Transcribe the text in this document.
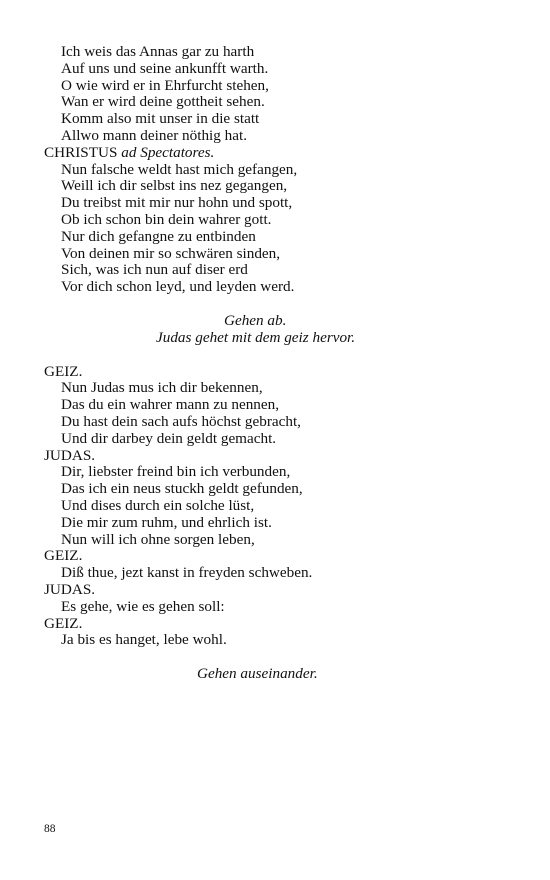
Ich weis das Annas gar zu harth
Auf uns und seine ankunfft warth.
O wie wird er in Ehrfurcht stehen,
Wan er wird deine gottheit sehen.
Komm also mit unser in die statt
Allwo mann deiner nöthig hat.
CHRISTUS ad Spectatores.
Nun falsche weldt hast mich gefangen,
Weill ich dir selbst ins nez gegangen,
Du treibst mit mir nur hohn und spott,
Ob ich schon bin dein wahrer gott.
Nur dich gefangne zu entbinden
Von deinen mir so schwären sinden,
Sich, was ich nun auf diser erd
Vor dich schon leyd, und leyden werd.
Gehen ab.
Judas gehet mit dem geiz hervor.
GEIZ.
Nun Judas mus ich dir bekennen,
Das du ein wahrer mann zu nennen,
Du hast dein sach aufs höchst gebracht,
Und dir darbey dein geldt gemacht.
JUDAS.
Dir, liebster freind bin ich verbunden,
Das ich ein neus stuckh geldt gefunden,
Und dises durch ein solche lüst,
Die mir zum ruhm, und ehrlich ist.
Nun will ich ohne sorgen leben,
GEIZ.
Diß thue, jezt kanst in freyden schweben.
JUDAS.
Es gehe, wie es gehen soll:
GEIZ.
Ja bis es hanget, lebe wohl.
Gehen auseinander.
88
